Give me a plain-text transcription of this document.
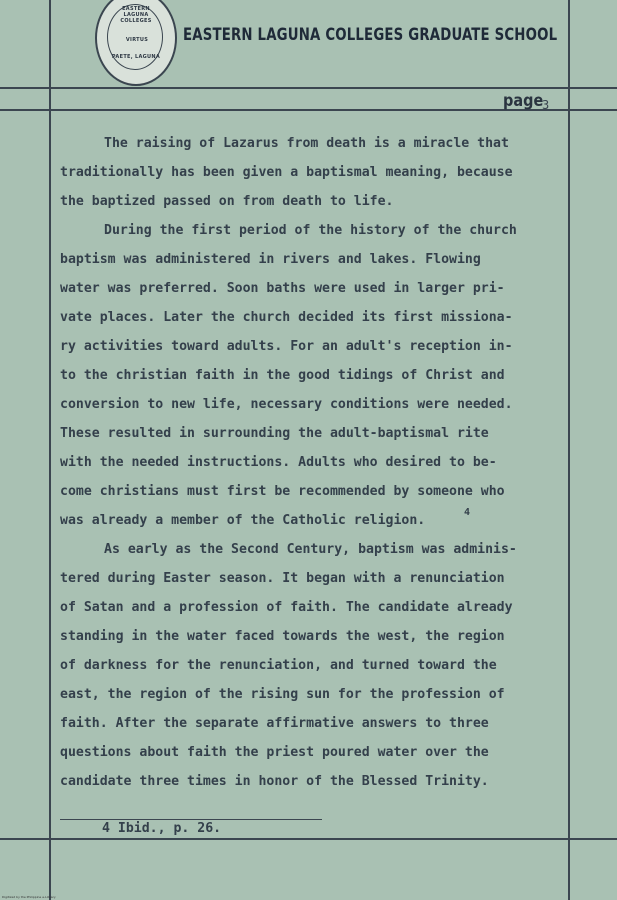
EASTERN LAGUNA COLLEGES
VIRTUS
PAETE, LAGUNA
EASTERN LAGUNA COLLEGES GRADUATE SCHOOL
page
3
The raising of Lazarus from death is a miracle that
traditionally has been given a baptismal meaning, because
the baptized passed on from death to life.
During the first period of the history of the church
baptism was administered in rivers and lakes. Flowing
water was preferred. Soon baths were used in larger pri-
vate places. Later the church decided its first missiona-
ry activities toward adults. For an adult's reception in-
to the christian faith in the good tidings of Christ and
conversion to new life, necessary conditions were needed.
These resulted in surrounding the adult-baptismal rite
with the needed instructions. Adults who desired to be-
come christians must first be recommended by someone who
was already a member of the Catholic religion.
As early as the Second Century, baptism was adminis-
tered during Easter season. It began with a renunciation
of Satan and a profession of faith. The candidate already
standing in the water faced towards the west, the region
of darkness for the renunciation, and turned toward the
east, the region of the rising sun for the profession of
faith. After the separate affirmative answers to three
questions about faith the priest poured water over the
candidate three times in honor of the Blessed Trinity.
4
4 Ibid., p. 26.
Digitized by the Philippine e-Library
